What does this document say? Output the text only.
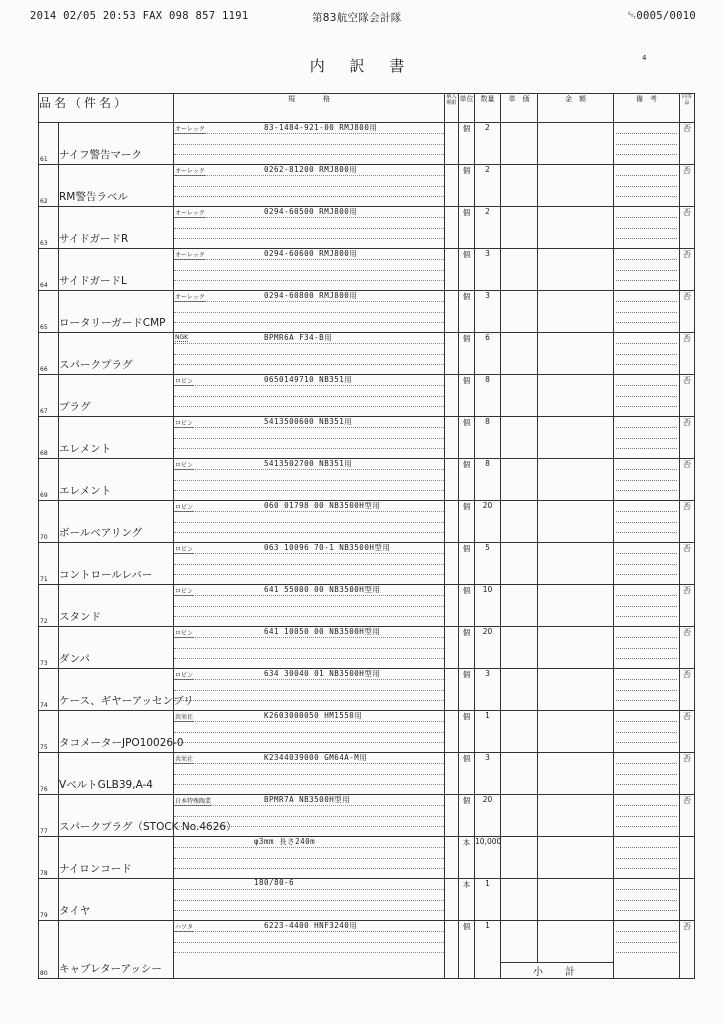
2014 02/05 20:53 FAX 098 857 1191	第83航空隊会計隊	␄0005/0010
内 訳 書	4
品名（件名）		規　　　　格	納入期限	単位	数量	単　価	金　額	備　考	同等品

61	ナイフ警告マーク	オーレック 83-1484-921-00 RMJ800用		個	2				否

62	RM警告ラベル	オーレック 0262-81200 RMJ800用		個	2				否

63	サイドガードR	オーレック 0294-60500 RMJ800用		個	2				否

64	サイドガードL	オーレック 0294-60600 RMJ800用		個	3				否

65	ロータリーガードCMP	オーレック 0294-60800 RMJ800用		個	3				否

66	スパークプラグ	NGK BPMR6A F34-B用		個	6				否

67	プラグ	ロビン 0650149710 NB351用		個	8				否

68	エレメント	ロビン 5413500600 NB351用		個	8				否

69	エレメント	ロビン 5413502700 NB351用		個	8				否

70	ボールベアリング	ロビン 060 01798 00 NB3500H型用		個	20				否

71	コントロールレバー	ロビン 063 10096 70-1 NB3500H型用		個	5				否

72	スタンド	ロビン 641 55000 00 NB3500H型用		個	10				否

73	ダンパ	ロビン 641 10050 00 NB3500H型用		個	20				否

74	ケース、ギヤーアッセンブリ	ロビン 634 30040 01 NB3500H型用		個	3				否

75	タコメーターJPO10026-0	共栄社 K2603000050 HM1550用		個	1				否

76	VベルトGLB39,A-4	共栄社 K2344039000 GM64A-M用		個	3				否

77	スパークプラグ（STOCK No.4626）	日本特殊陶業 BPMR7A NB3500H型用		個	20				否

78	ナイロンコード	φ3mm 長さ240m		本	10,000			

79	タイヤ	180/80-6		本	1			

80	キャブレターアッシー	ハツタ 6223-4400 HNF3240用		個	1				否
						小　計			
